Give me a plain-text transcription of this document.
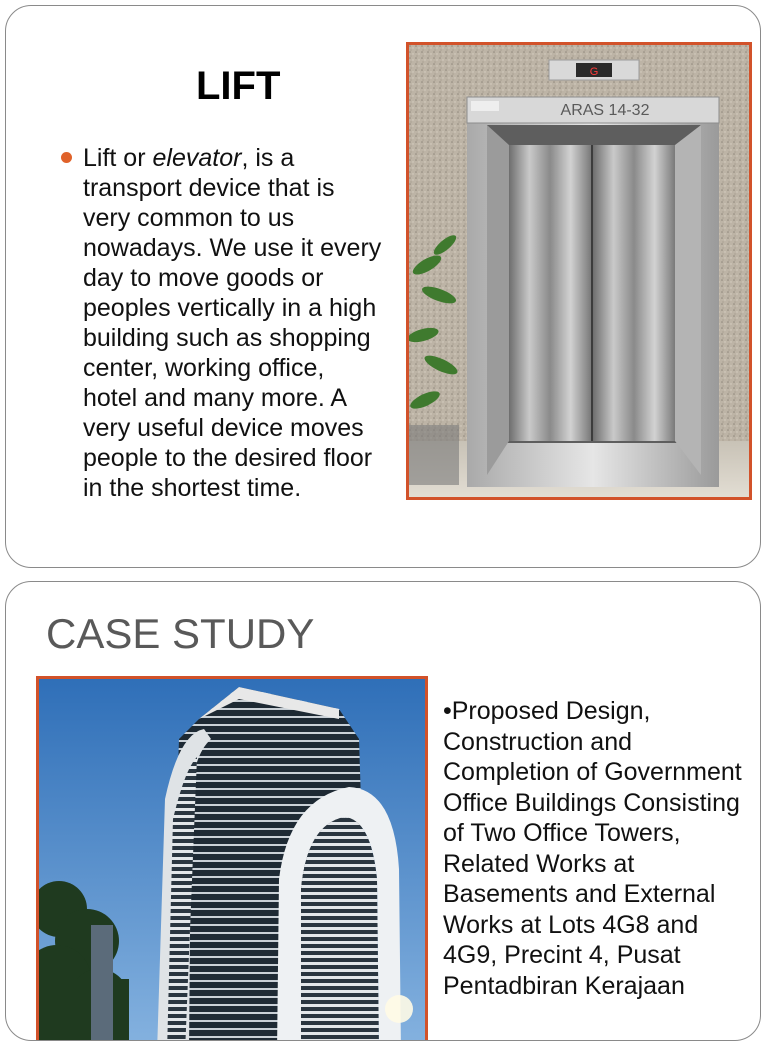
LIFT
Lift or elevator, is a transport device that is very common to us nowadays. We use it every day to move goods or peoples vertically in a high building such as shopping center, working office, hotel and many more. A very useful device moves people to the desired floor in the shortest time.
G
ARAS 14-32
CASE STUDY
•Proposed Design, Construction and Completion of Government Office Buildings Consisting of Two Office Towers, Related Works at Basements and External Works at Lots 4G8 and 4G9, Precint 4, Pusat Pentadbiran Kerajaan
